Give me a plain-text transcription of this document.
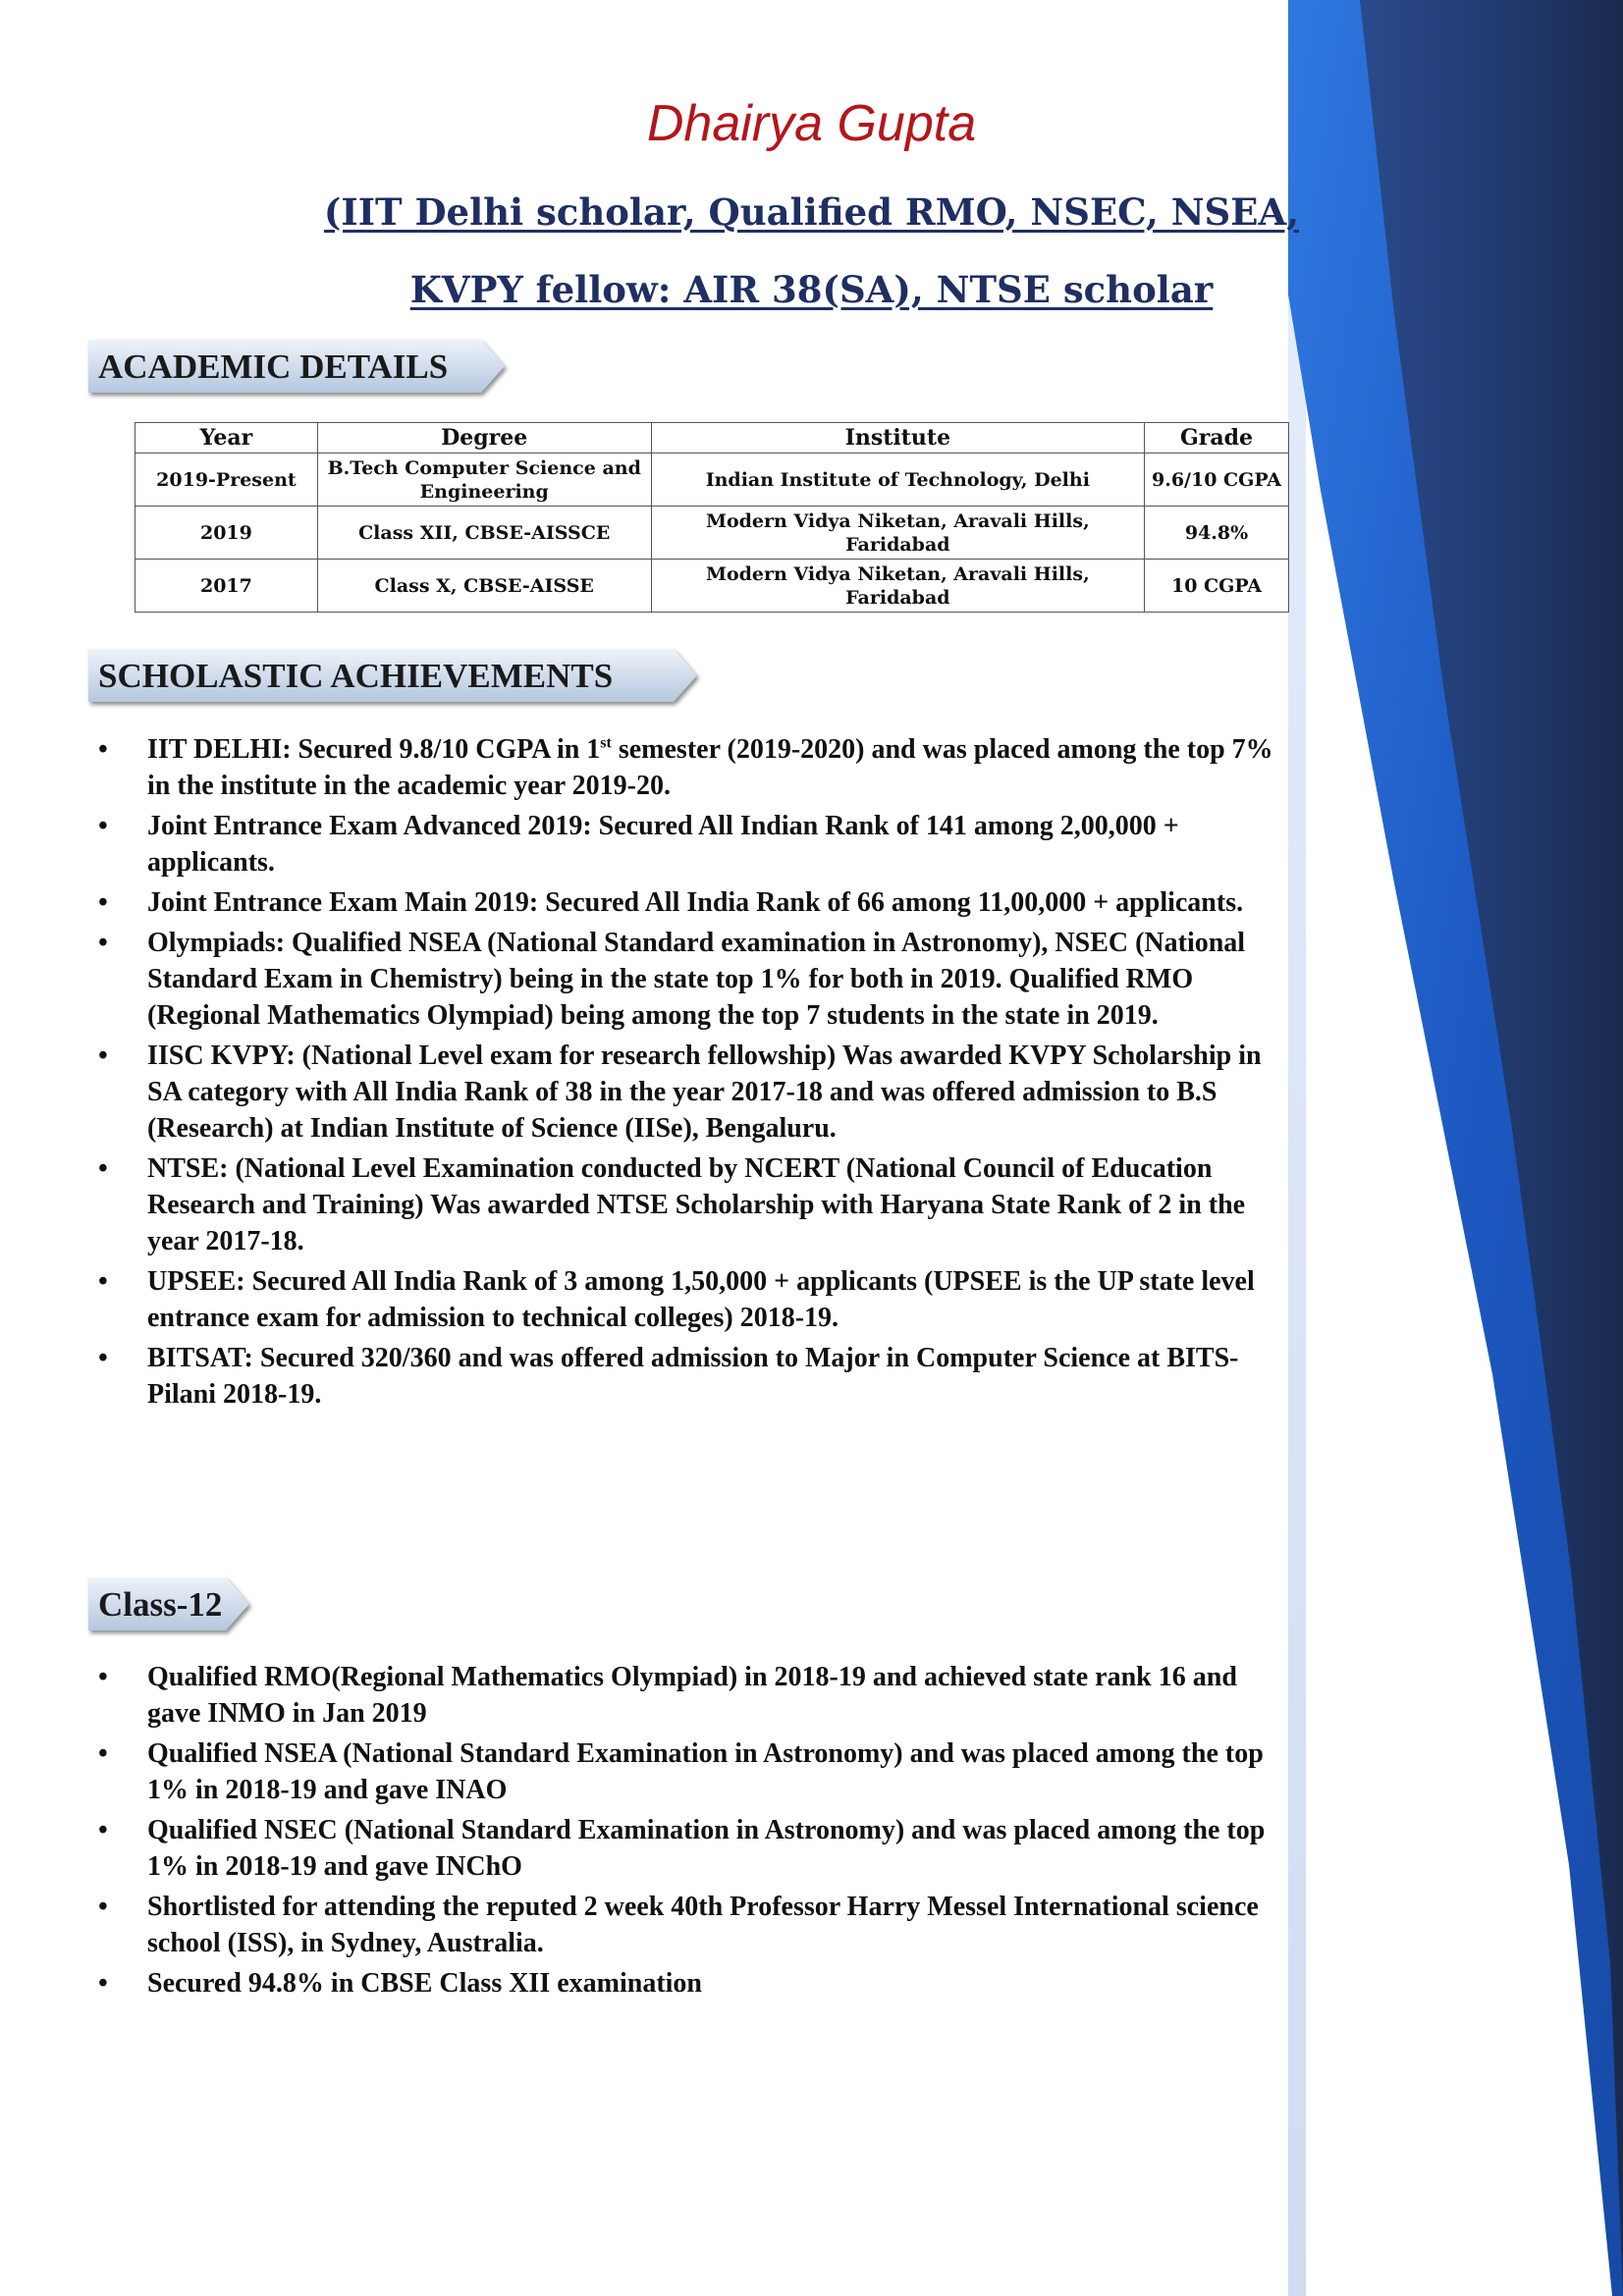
Dhairya Gupta
(IIT Delhi scholar, Qualified RMO, NSEC, NSEA,
KVPY fellow: AIR 38(SA), NTSE scholar
ACADEMIC DETAILS
Year	Degree	Institute	Grade
2019-Present	B.Tech Computer Science and Engineering	Indian Institute of Technology, Delhi	9.6/10 CGPA
2019	Class XII, CBSE-AISSCE	Modern Vidya Niketan, Aravali Hills, Faridabad	94.8%
2017	Class X, CBSE-AISSE	Modern Vidya Niketan, Aravali Hills, Faridabad	10 CGPA
SCHOLASTIC ACHIEVEMENTS
• IIT DELHI: Secured 9.8/10 CGPA in 1st semester (2019-2020) and was placed among the top 7% in the institute in the academic year 2019-20.
• Joint Entrance Exam Advanced 2019: Secured All Indian Rank of 141 among 2,00,000 + applicants.
• Joint Entrance Exam Main 2019: Secured All India Rank of 66 among 11,00,000 + applicants.
• Olympiads: Qualified NSEA (National Standard examination in Astronomy), NSEC (National Standard Exam in Chemistry) being in the state top 1% for both in 2019. Qualified RMO (Regional Mathematics Olympiad) being among the top 7 students in the state in 2019.
• IISC KVPY: (National Level exam for research fellowship) Was awarded KVPY Scholarship in SA category with All India Rank of 38 in the year 2017-18 and was offered admission to B.S (Research) at Indian Institute of Science (IISe), Bengaluru.
• NTSE: (National Level Examination conducted by NCERT (National Council of Education Research and Training) Was awarded NTSE Scholarship with Haryana State Rank of 2 in the year 2017-18.
• UPSEE: Secured All India Rank of 3 among 1,50,000 + applicants (UPSEE is the UP state level entrance exam for admission to technical colleges) 2018-19.
• BITSAT: Secured 320/360 and was offered admission to Major in Computer Science at BITS-Pilani 2018-19.
Class-12
• Qualified RMO(Regional Mathematics Olympiad) in 2018-19 and achieved state rank 16 and gave INMO in Jan 2019
• Qualified NSEA (National Standard Examination in Astronomy) and was placed among the top 1% in 2018-19 and gave INAO
• Qualified NSEC (National Standard Examination in Astronomy) and was placed among the top 1% in 2018-19 and gave INChO
• Shortlisted for attending the reputed 2 week 40th Professor Harry Messel International science school (ISS), in Sydney, Australia.
• Secured 94.8% in CBSE Class XII examination
